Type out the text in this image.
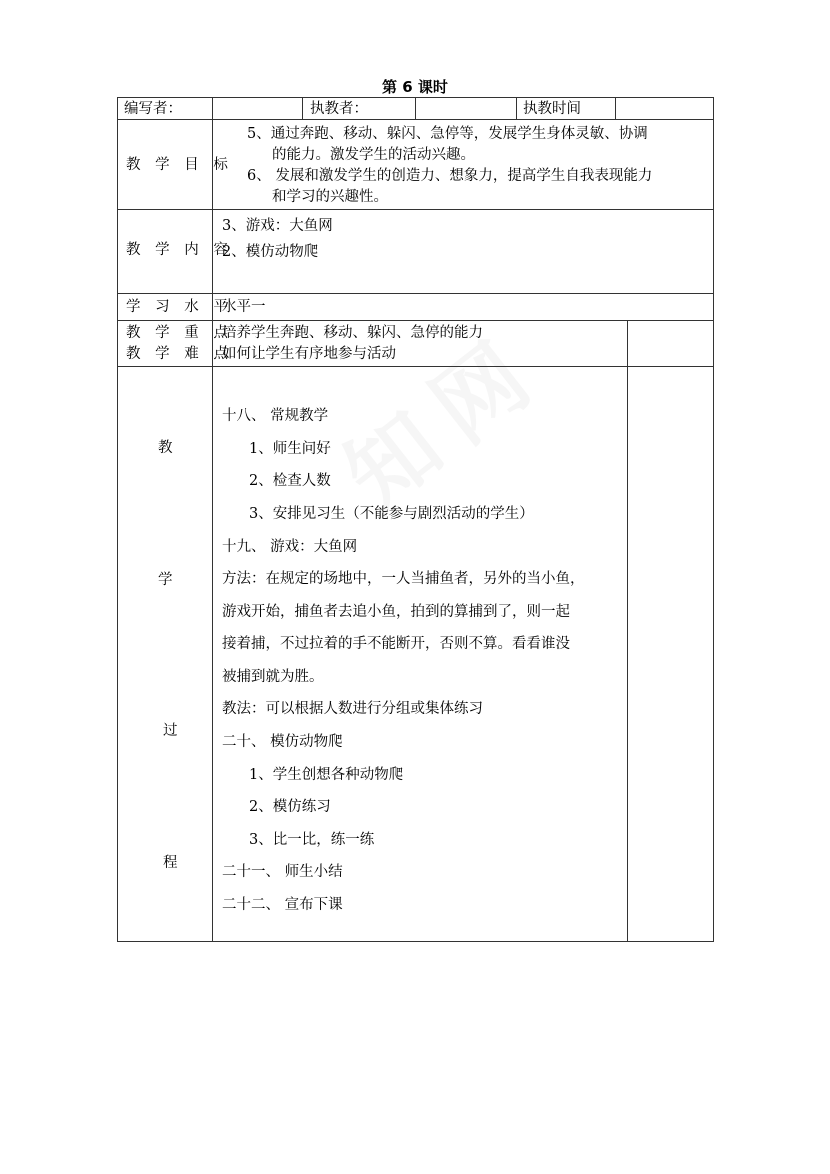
第 6 课时
编写者：	执教者：	执教时间
教 学 目 标
5、通过奔跑、移动、躲闪、急停等，发展学生身体灵敏、协调
的能力。激发学生的活动兴趣。
6、 发展和激发学生的创造力、想象力，提高学生自我表现能力
和学习的兴趣性。
教 学 内 容
3、游戏：大鱼网
2、模仿动物爬
学 习 水 平
水平一
教 学 重 点
教 学 难 点
培养学生奔跑、移动、躲闪、急停的能力
如何让学生有序地参与活动
教
学
过
程
十八、 常规教学
1、师生问好
2、检查人数
3、安排见习生（不能参与剧烈活动的学生）
十九、 游戏：大鱼网
方法：在规定的场地中，一人当捕鱼者，另外的当小鱼，
游戏开始，捕鱼者去追小鱼，拍到的算捕到了，则一起
接着捕，不过拉着的手不能断开，否则不算。看看谁没
被捕到就为胜。
教法：可以根据人数进行分组或集体练习
二十、 模仿动物爬
1、学生创想各种动物爬
2、模仿练习
3、比一比，练一练
二十一、 师生小结
二十二、 宣布下课
